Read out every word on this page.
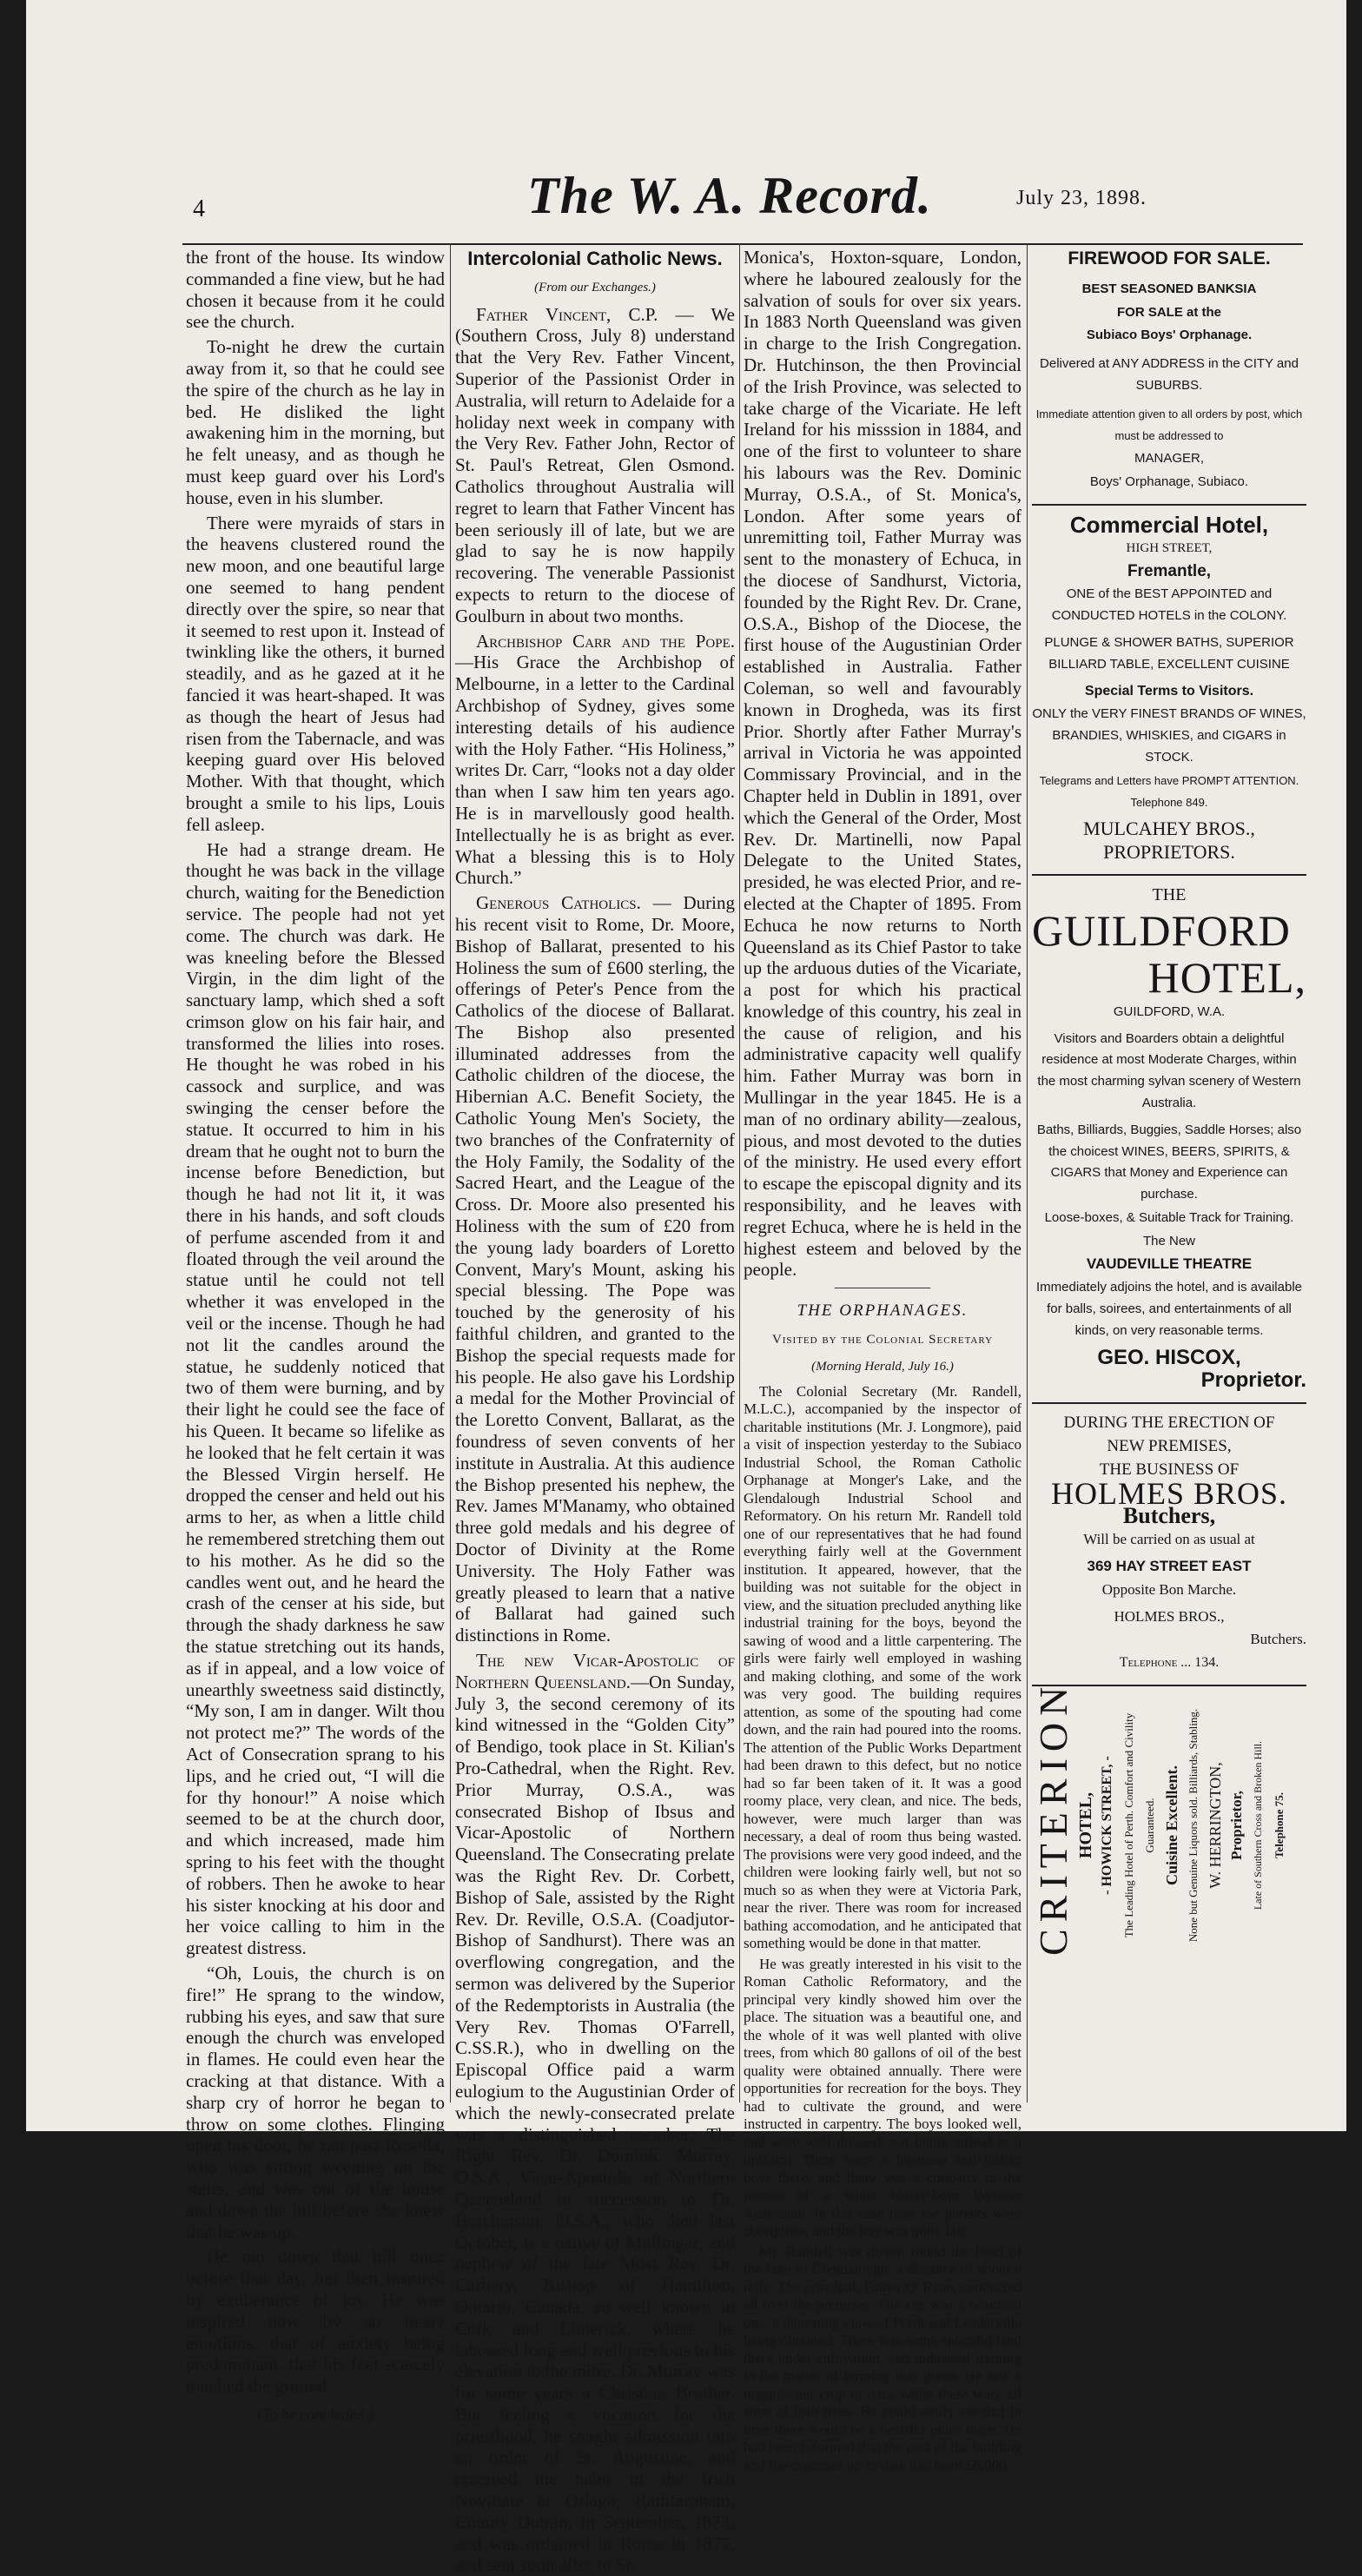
4	The W. A. Record.	July 23, 1898.

the front of the house. Its window commanded a fine view, but he had chosen it because from it he could see the church.

To-night he drew the curtain away from it, so that he could see the spire of the church as he lay in bed. He disliked the light awakening him in the morning, but he felt uneasy, and as though he must keep guard over his Lord's house, even in his slumber.

There were myraids of stars in the heavens clustered round the new moon, and one beautiful large one seemed to hang pendent directly over the spire, so near that it seemed to rest upon it. Instead of twinkling like the others, it burned steadily, and as he gazed at it he fancied it was heart-shaped. It was as though the heart of Jesus had risen from the Tabernacle, and was keeping guard over His beloved Mother. With that thought, which brought a smile to his lips, Louis fell asleep.

He had a strange dream. He thought he was back in the village church, waiting for the Benediction service. The people had not yet come. The church was dark. He was kneeling before the Blessed Virgin, in the dim light of the sanctuary lamp, which shed a soft crimson glow on his fair hair, and transformed the lilies into roses. He thought he was robed in his cassock and surplice, and was swinging the censer before the statue. It occurred to him in his dream that he ought not to burn the incense before Benediction, but though he had not lit it, it was there in his hands, and soft clouds of perfume ascended from it and floated through the veil around the statue until he could not tell whether it was enveloped in the veil or the incense. Though he had not lit the candles around the statue, he suddenly noticed that two of them were burning, and by their light he could see the face of his Queen. It became so lifelike as he looked that he felt certain it was the Blessed Virgin herself. He dropped the censer and held out his arms to her, as when a little child he remembered stretching them out to his mother. As he did so the candles went out, and he heard the crash of the censer at his side, but through the shady darkness he saw the statue stretching out its hands, as if in appeal, and a low voice of unearthly sweetness said distinctly, “My son, I am in danger. Wilt thou not protect me?” The words of the Act of Consecration sprang to his lips, and he cried out, “I will die for thy honour!” A noise which seemed to be at the church door, and which increased, made him spring to his feet with the thought of robbers. Then he awoke to hear his sister knocking at his door and her voice calling to him in the greatest distress.

“Oh, Louis, the church is on fire!” He sprang to the window, rubbing his eyes, and saw that sure enough the church was enveloped in flames. He could even hear the cracking at that distance. With a sharp cry of horror he began to throw on some clothes. Flinging open his door, he ran past Rosella, who was sitting weeping on the stairs, and was out of the house and down the hill before she knew that he was up.

He ran down that hill once before that day, but then inspired by exuberance of joy. He was inspired now by so many emotions, that of anxiety being predominant, that his feet scarcely touched the ground.

(To be concluded.)
Intercolonial Catholic News.
(From our Exchanges.)

Father Vincent, C.P. — We (Southern Cross, July 8) understand that the Very Rev. Father Vincent, Superior of the Passionist Order in Australia, will return to Adelaide for a holiday next week in company with the Very Rev. Father John, Rector of St. Paul's Retreat, Glen Osmond. Catholics throughout Australia will regret to learn that Father Vincent has been seriously ill of late, but we are glad to say he is now happily recovering. The venerable Passionist expects to return to the diocese of Goulburn in about two months.

Archbishop Carr and the Pope. —His Grace the Archbishop of Melbourne, in a letter to the Cardinal Archbishop of Sydney, gives some interesting details of his audience with the Holy Father. “His Holiness,” writes Dr. Carr, “looks not a day older than when I saw him ten years ago. He is in marvellously good health. Intellectually he is as bright as ever. What a blessing this is to Holy Church.”

Generous Catholics. — During his recent visit to Rome, Dr. Moore, Bishop of Ballarat, presented to his Holiness the sum of £600 sterling, the offerings of Peter's Pence from the Catholics of the diocese of Ballarat. The Bishop also presented illuminated addresses from the Catholic children of the diocese, the Hibernian A.C. Benefit Society, the Catholic Young Men's Society, the two branches of the Confraternity of the Holy Family, the Sodality of the Sacred Heart, and the League of the Cross. Dr. Moore also presented his Holiness with the sum of £20 from the young lady boarders of Loretto Convent, Mary's Mount, asking his special blessing. The Pope was touched by the generosity of his faithful children, and granted to the Bishop the special requests made for his people. He also gave his Lordship a medal for the Mother Provincial of the Loretto Convent, Ballarat, as the foundress of seven convents of her institute in Australia. At this audience the Bishop presented his nephew, the Rev. James M'Manamy, who obtained three gold medals and his degree of Doctor of Divinity at the Rome University. The Holy Father was greatly pleased to learn that a native of Ballarat had gained such distinctions in Rome.

The new Vicar-Apostolic of Northern Queensland.—On Sunday, July 3, the second ceremony of its kind witnessed in the “Golden City” of Bendigo, took place in St. Kilian's Pro-Cathedral, when the Right. Rev. Prior Murray, O.S.A., was consecrated Bishop of Ibsus and Vicar-Apostolic of Northern Queensland. The Consecrating prelate was the Right Rev. Dr. Corbett, Bishop of Sale, assisted by the Right Rev. Dr. Reville, O.S.A. (Coadjutor-Bishop of Sandhurst). There was an overflowing congregation, and the sermon was delivered by the Superior of the Redemptorists in Australia (the Very Rev. Thomas O'Farrell, C.SS.R.), who in dwelling on the Episcopal Office paid a warm eulogium to the Augustinian Order of which the newly-consecrated prelate was a distinguished member. The Right Rev. Dr. Dominic Murray, O.S.A., Vicar-Apostolic of Northern Queensland in succession to Dr. Hutchinson, O.S.A., who died last October, is a native of Mullingar, and nephew of the late Most Rev. Dr. Carbery, Bishop of Hamilton, Ontario, Canada, so well known in Cork and Limerick, where he laboured long and well previous to his elevation to the mitre. Dr. Murray was for some years a Christian Brother. But feeling a vocation for the priesthood, he sought admission into an order of St. Augustine, and received the habit in the Irish Novitiate at Orlagh, Rathfarnham, County Dublin, in September, 1873; and was ordained in Rome in 1877, and sent soon after to St.

Monica's, Hoxton-square, London, where he laboured zealously for the salvation of souls for over six years. In 1883 North Queensland was given in charge to the Irish Congregation. Dr. Hutchinson, the then Provincial of the Irish Province, was selected to take charge of the Vicariate. He left Ireland for his misssion in 1884, and one of the first to volunteer to share his labours was the Rev. Dominic Murray, O.S.A., of St. Monica's, London. After some years of unremitting toil, Father Murray was sent to the monastery of Echuca, in the diocese of Sandhurst, Victoria, founded by the Right Rev. Dr. Crane, O.S.A., Bishop of the Diocese, the first house of the Augustinian Order established in Australia. Father Coleman, so well and favourably known in Drogheda, was its first Prior. Shortly after Father Murray's arrival in Victoria he was appointed Commissary Provincial, and in the Chapter held in Dublin in 1891, over which the General of the Order, Most Rev. Dr. Martinelli, now Papal Delegate to the United States, presided, he was elected Prior, and re-elected at the Chapter of 1895. From Echuca he now returns to North Queensland as its Chief Pastor to take up the arduous duties of the Vicariate, a post for which his practical knowledge of this country, his zeal in the cause of religion, and his administrative capacity well qualify him. Father Murray was born in Mullingar in the year 1845. He is a man of no ordinary ability—zealous, pious, and most devoted to the duties of the ministry. He used every effort to escape the episcopal dignity and its responsibility, and he leaves with regret Echuca, where he is held in the highest esteem and beloved by the people.

THE ORPHANAGES.
Visited by the Colonial Secretary
(Morning Herald, July 16.)

The Colonial Secretary (Mr. Randell, M.L.C.), accompanied by the inspector of charitable institutions (Mr. J. Longmore), paid a visit of inspection yesterday to the Subiaco Industrial School, the Roman Catholic Orphanage at Monger's Lake, and the Glendalough Industrial School and Reformatory. On his return Mr. Randell told one of our representatives that he had found everything fairly well at the Government institution. It appeared, however, that the building was not suitable for the object in view, and the situation precluded anything like industrial training for the boys, beyond the sawing of wood and a little carpentering. The girls were fairly well employed in washing and making clothing, and some of the work was very good. The building requires attention, as some of the spouting had come down, and the rain had poured into the rooms. The attention of the Public Works Department had been drawn to this defect, but no notice had so far been taken of it. It was a good roomy place, very clean, and nice. The beds, however, were much larger than was necessary, a deal of room thus being wasted. The provisions were very good indeed, and the children were looking fairly well, but not so much so as when they were at Victoria Park, near the river. There was room for increased bathing accomodation, and he anticipated that something would be done in that matter.

He was greatly interested in his visit to the Roman Catholic Reformatory, and the principal very kindly showed him over the place. The situation was a beautiful one, and the whole of it was well planted with olive trees, from which 80 gallons of oil of the best quality were obtained annually. There were opportunities for recreation for the boys. They had to cultivate the ground, and were instructed in carpentry. The boys looked well, and were well dressed, not being attired in a uniform. There were a Japanese and Italian boys there, and there was a curiosity in the person of a white native-born Western Australian. In this case both the parents were aborigines, and the boy was quite fair.

Mr. Randell was driven round the head of the lake to Glendalough, a distance of about a mile. The principal, Father O' Ryan, conducted all over the premises. The site was a beautiful one, a charming view of Perth and Leederville being obtained. There was some splendid land there under cultivation, and industrial training in the matter of farming was given. He saw a magnificent crop of oats, while there were all sorts of fruit trees. He could easily see that in time there would be a beatiful place there. He had been informed that the cost of the building and the expenses up to date had been £6,000.

FIREWOOD FOR SALE.
BEST SEASONED BANKSIA
FOR SALE at the
Subiaco Boys' Orphanage.
Delivered at ANY ADDRESS in the CITY and SUBURBS.
Immediate attention given to all orders by post, which must be addressed to
MANAGER,
Boys' Orphanage, Subiaco.
Commercial Hotel,
HIGH STREET,
Fremantle,
ONE of the BEST APPOINTED and CONDUCTED HOTELS in the COLONY.
PLUNGE & SHOWER BATHS, SUPERIOR BILLIARD TABLE, EXCELLENT CUISINE
Special Terms to Visitors.
ONLY the VERY FINEST BRANDS OF WINES, BRANDIES, WHISKIES, and CIGARS in STOCK.
Telegrams and Letters have PROMPT ATTENTION. Telephone 849.
MULCAHEY BROS.,
PROPRIETORS.
THE
GUILDFORD
HOTEL,
GUILDFORD, W.A.
Visitors and Boarders obtain a delightful residence at most Moderate Charges, within the most charming sylvan scenery of Western Australia.
Baths, Billiards, Buggies, Saddle Horses; also the choicest WINES, BEERS, SPIRITS, & CIGARS that Money and Experience can purchase.
Loose-boxes, & Suitable Track for Training.
The New
VAUDEVILLE THEATRE
Immediately adjoins the hotel, and is available for balls, soirees, and entertainments of all kinds, on very reasonable terms.
GEO. HISCOX,
Proprietor.
DURING THE ERECTION OF
NEW PREMISES,
THE BUSINESS OF
HOLMES BROS.
Butchers,
Will be carried on as usual at
369 HAY STREET EAST
Opposite Bon Marche.
HOLMES BROS.,
Butchers.
Telephone ... 134.
CRITERION HOTEL, - HOWICK STREET, - The Leading Hotel of Perth. Comfort and Civility Guaranteed. Cuisine Excellent. None but Genuine Liquors sold. Billiards, Stabling. W. HERRINGTON, Proprietor, Late of Southern Cross and Broken Hill. Telephone 75.
